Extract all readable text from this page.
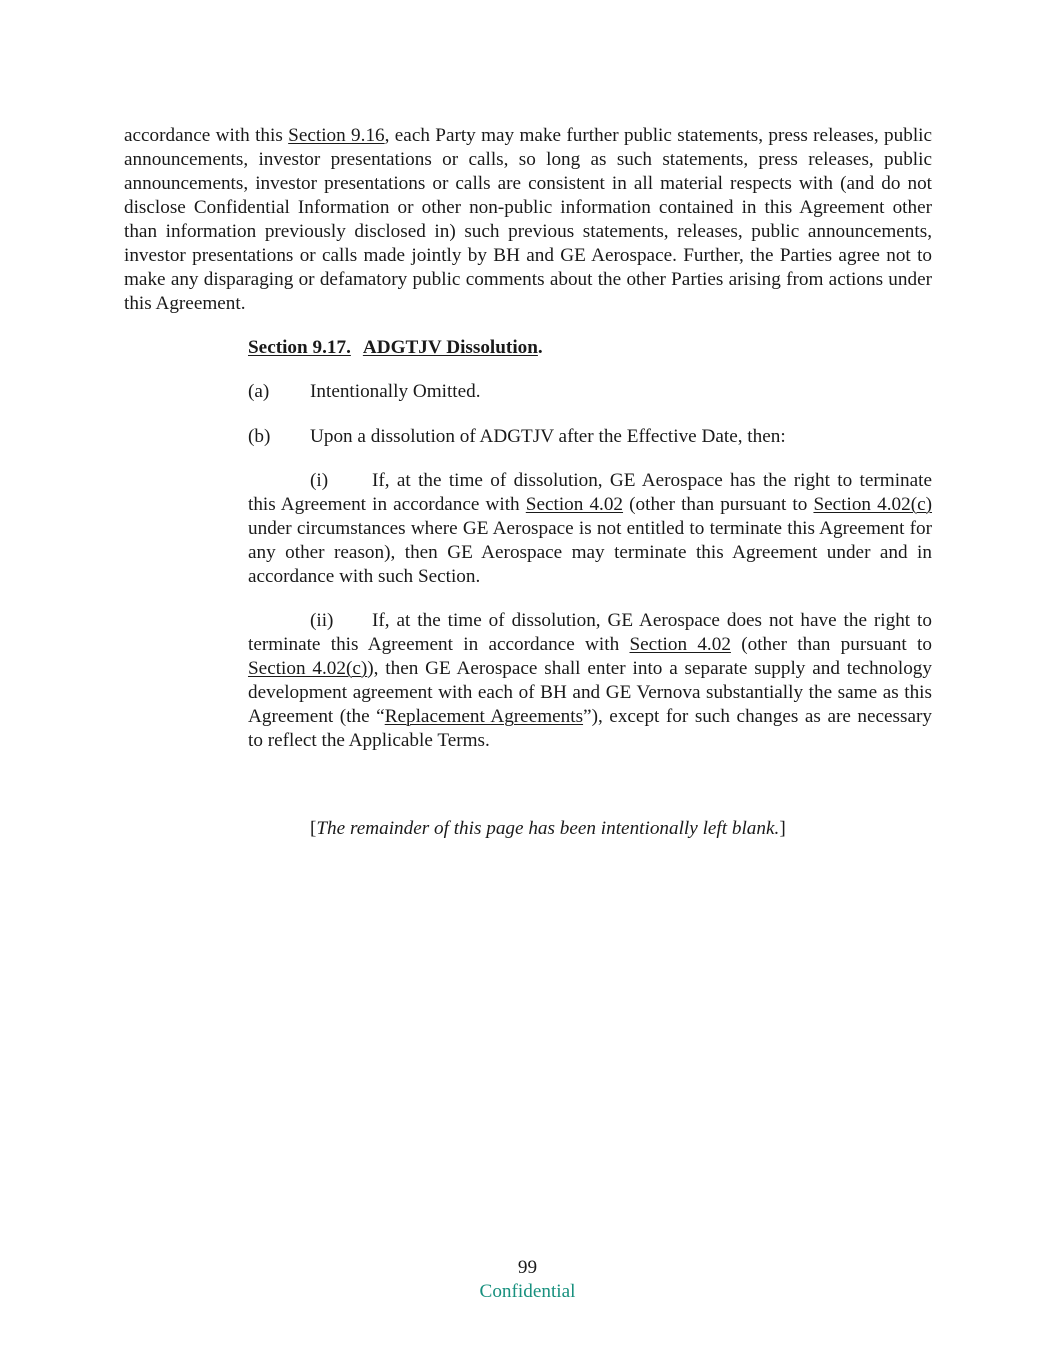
accordance with this Section 9.16, each Party may make further public statements, press releases, public announcements, investor presentations or calls, so long as such statements, press releases, public announcements, investor presentations or calls are consistent in all material respects with (and do not disclose Confidential Information or other non-public information contained in this Agreement other than information previously disclosed in) such previous statements, releases, public announcements, investor presentations or calls made jointly by BH and GE Aerospace. Further, the Parties agree not to make any disparaging or defamatory public comments about the other Parties arising from actions under this Agreement.

Section 9.17. ADGTJV Dissolution.

(a) Intentionally Omitted.

(b) Upon a dissolution of ADGTJV after the Effective Date, then:

(i) If, at the time of dissolution, GE Aerospace has the right to terminate this Agreement in accordance with Section 4.02 (other than pursuant to Section 4.02(c) under circumstances where GE Aerospace is not entitled to terminate this Agreement for any other reason), then GE Aerospace may terminate this Agreement under and in accordance with such Section.

(ii) If, at the time of dissolution, GE Aerospace does not have the right to terminate this Agreement in accordance with Section 4.02 (other than pursuant to Section 4.02(c)), then GE Aerospace shall enter into a separate supply and technology development agreement with each of BH and GE Vernova substantially the same as this Agreement (the “Replacement Agreements”), except for such changes as are necessary to reflect the Applicable Terms.

[The remainder of this page has been intentionally left blank.]

99

Confidential
